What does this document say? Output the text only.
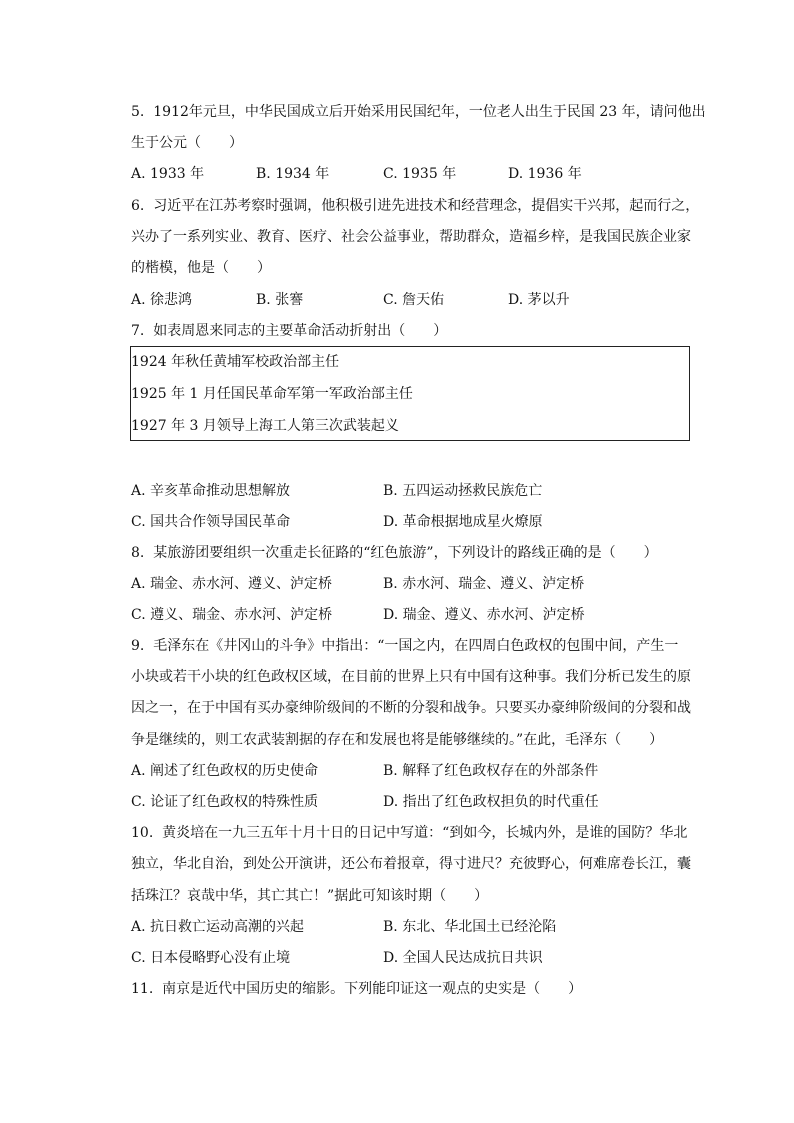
5.  1912年元旦，中华民国成立后开始采用民国纪年，一位老人出生于民国 23 年，请问他出
生于公元（　　）
A. 1933 年	B. 1934 年	C. 1935 年	D. 1936 年
6.  习近平在江苏考察时强调，他积极引进先进技术和经营理念，提倡实干兴邦，起而行之，
兴办了一系列实业、教育、医疗、社会公益事业，帮助群众，造福乡梓，是我国民族企业家
的楷模，他是（　　）
A. 徐悲鸿	B. 张謇	C. 詹天佑	D. 茅以升
7.  如表周恩来同志的主要革命活动折射出（　　）
1924 年秋任黄埔军校政治部主任
1925 年 1 月任国民革命军第一军政治部主任
1927 年 3 月领导上海工人第三次武装起义
A. 辛亥革命推动思想解放	B. 五四运动拯救民族危亡
C. 国共合作领导国民革命	D. 革命根据地成星火燎原
8.  某旅游团要组织一次重走长征路的“红色旅游”，下列设计的路线正确的是（　　）
A. 瑞金、赤水河、遵义、泸定桥	B. 赤水河、瑞金、遵义、泸定桥
C. 遵义、瑞金、赤水河、泸定桥	D. 瑞金、遵义、赤水河、泸定桥
9.  毛泽东在《井冈山的斗争》中指出：“一国之内，在四周白色政权的包围中间，产生一
小块或若干小块的红色政权区域，在目前的世界上只有中国有这种事。我们分析已发生的原
因之一，在于中国有买办豪绅阶级间的不断的分裂和战争。只要买办豪绅阶级间的分裂和战
争是继续的，则工农武装割据的存在和发展也将是能够继续的。”在此，毛泽东（　　）
A. 阐述了红色政权的历史使命	B. 解释了红色政权存在的外部条件
C. 论证了红色政权的特殊性质	D. 指出了红色政权担负的时代重任
10.  黄炎培在一九三五年十月十日的日记中写道：“到如今，长城内外，是谁的国防？华北
独立，华北自治，到处公开演讲，还公布着报章，得寸进尺？充彼野心，何难席卷长江，囊
括珠江？哀哉中华，其亡其亡！”据此可知该时期（　　）
A. 抗日救亡运动高潮的兴起	B. 东北、华北国土已经沦陷
C. 日本侵略野心没有止境	D. 全国人民达成抗日共识
11.  南京是近代中国历史的缩影。下列能印证这一观点的史实是（　　）
